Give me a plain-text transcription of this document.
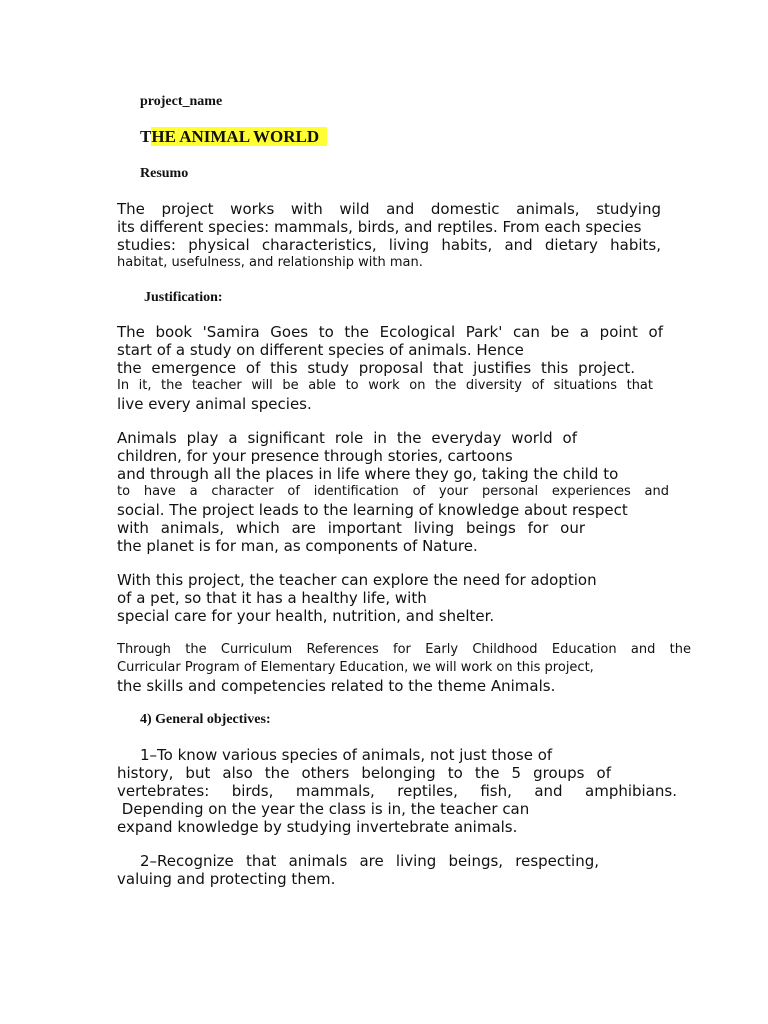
project_name
THE ANIMAL WORLD
Resumo
The project works with wild and domestic animals, studying
its different species: mammals, birds, and reptiles. From each species
studies: physical characteristics, living habits, and dietary habits,
habitat, usefulness, and relationship with man.
Justification:
The book 'Samira Goes to the Ecological Park' can be a point of
start of a study on different species of animals. Hence
the emergence of this study proposal that justifies this project.
In it, the teacher will be able to work on the diversity of situations that
live every animal species.
Animals play a significant role in the everyday world of
children, for your presence through stories, cartoons
and through all the places in life where they go, taking the child to
to have a character of identification of your personal experiences and
social. The project leads to the learning of knowledge about respect
with animals, which are important living beings for our
the planet is for man, as components of Nature.
With this project, the teacher can explore the need for adoption
of a pet, so that it has a healthy life, with
special care for your health, nutrition, and shelter.
Through the Curriculum References for Early Childhood Education and the
Curricular Program of Elementary Education, we will work on this project,
the skills and competencies related to the theme Animals.
4) General objectives:
1–To know various species of animals, not just those of
history, but also the others belonging to the 5 groups of
vertebrates: birds, mammals, reptiles, fish, and amphibians.
Depending on the year the class is in, the teacher can
expand knowledge by studying invertebrate animals.
2–Recognize that animals are living beings, respecting,
valuing and protecting them.
